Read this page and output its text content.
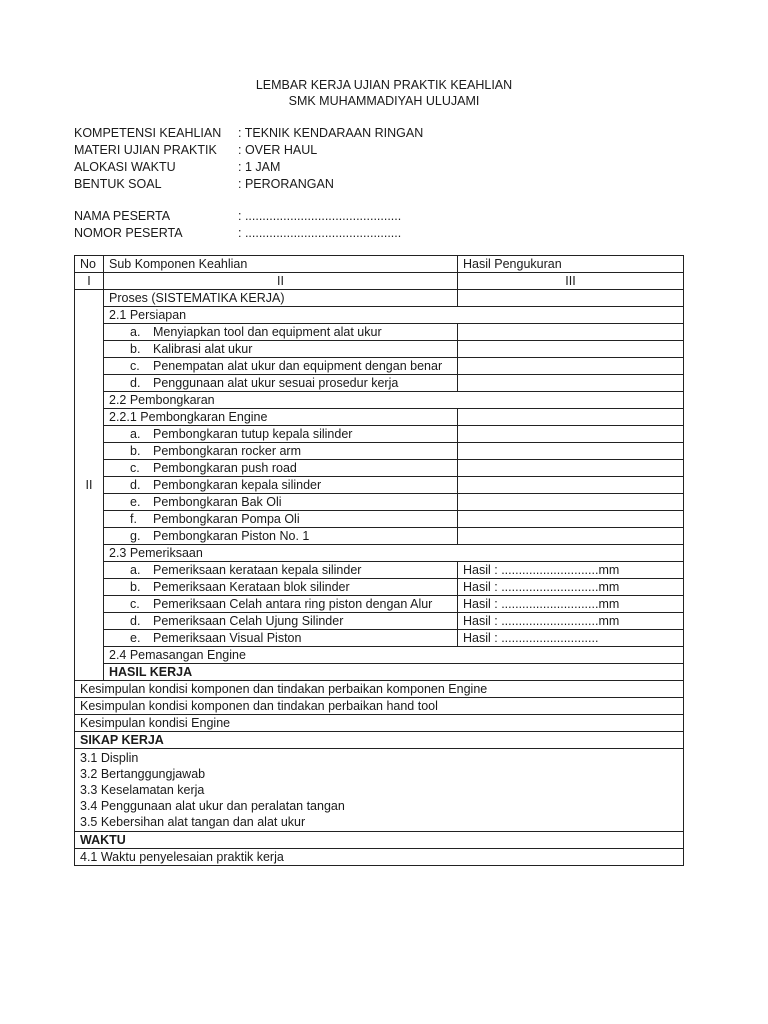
LEMBAR KERJA UJIAN PRAKTIK KEAHLIAN
SMK MUHAMMADIYAH ULUJAMI
KOMPETENSI KEAHLIAN	: TEKNIK KENDARAAN RINGAN
MATERI UJIAN PRAKTIK	: OVER HAUL
ALOKASI WAKTU	: 1 JAM
BENTUK SOAL	: PERORANGAN
NAMA PESERTA	: .............................................
NOMOR PESERTA	: .............................................
No	Sub Komponen Keahlian	Hasil Pengukuran
I	II	III
II	Proses (SISTEMATIKA KERJA)	
	2.1 Persiapan	

	a. Menyiapkan tool dan equipment alat ukur	

	b. Kalibrasi alat ukur	

	c. Penempatan alat ukur dan equipment dengan benar	

	d. Penggunaan alat ukur sesuai prosedur kerja	

	2.2 Pembongkaran	
	2.2.1 Pembongkaran Engine	

	a. Pembongkaran tutup kepala silinder	

	b. Pembongkaran rocker arm	

	c. Pembongkaran push road	

	d. Pembongkaran kepala silinder	

	e. Pembongkaran Bak Oli	

	f. Pembongkaran Pompa Oli	

	g. Pembongkaran Piston No. 1	

	2.3 Pemeriksaan	

	a. Pemeriksaan kerataan kepala silinder	Hasil : ............................mm

	b. Pemeriksaan Kerataan blok silinder	Hasil : ............................mm

	c. Pemeriksaan Celah antara ring piston dengan Alur	Hasil : ............................mm

	d. Pemeriksaan Celah Ujung Silinder	Hasil : ............................mm

	e. Pemeriksaan Visual Piston	Hasil : ............................
	2.4 Pemasangan Engine	
	HASIL KERJA	
Kesimpulan kondisi komponen dan tindakan perbaikan komponen Engine		
Kesimpulan kondisi komponen dan tindakan perbaikan hand tool		
Kesimpulan kondisi Engine		
SIKAP KERJA		

3.1 Displin
3.2 Bertanggungjawab
3.3 Keselamatan kerja
3.4 Penggunaan alat ukur dan peralatan tangan
3.5 Kebersihan alat tangan dan alat ukur		

WAKTU		
4.1 Waktu penyelesaian praktik kerja		
